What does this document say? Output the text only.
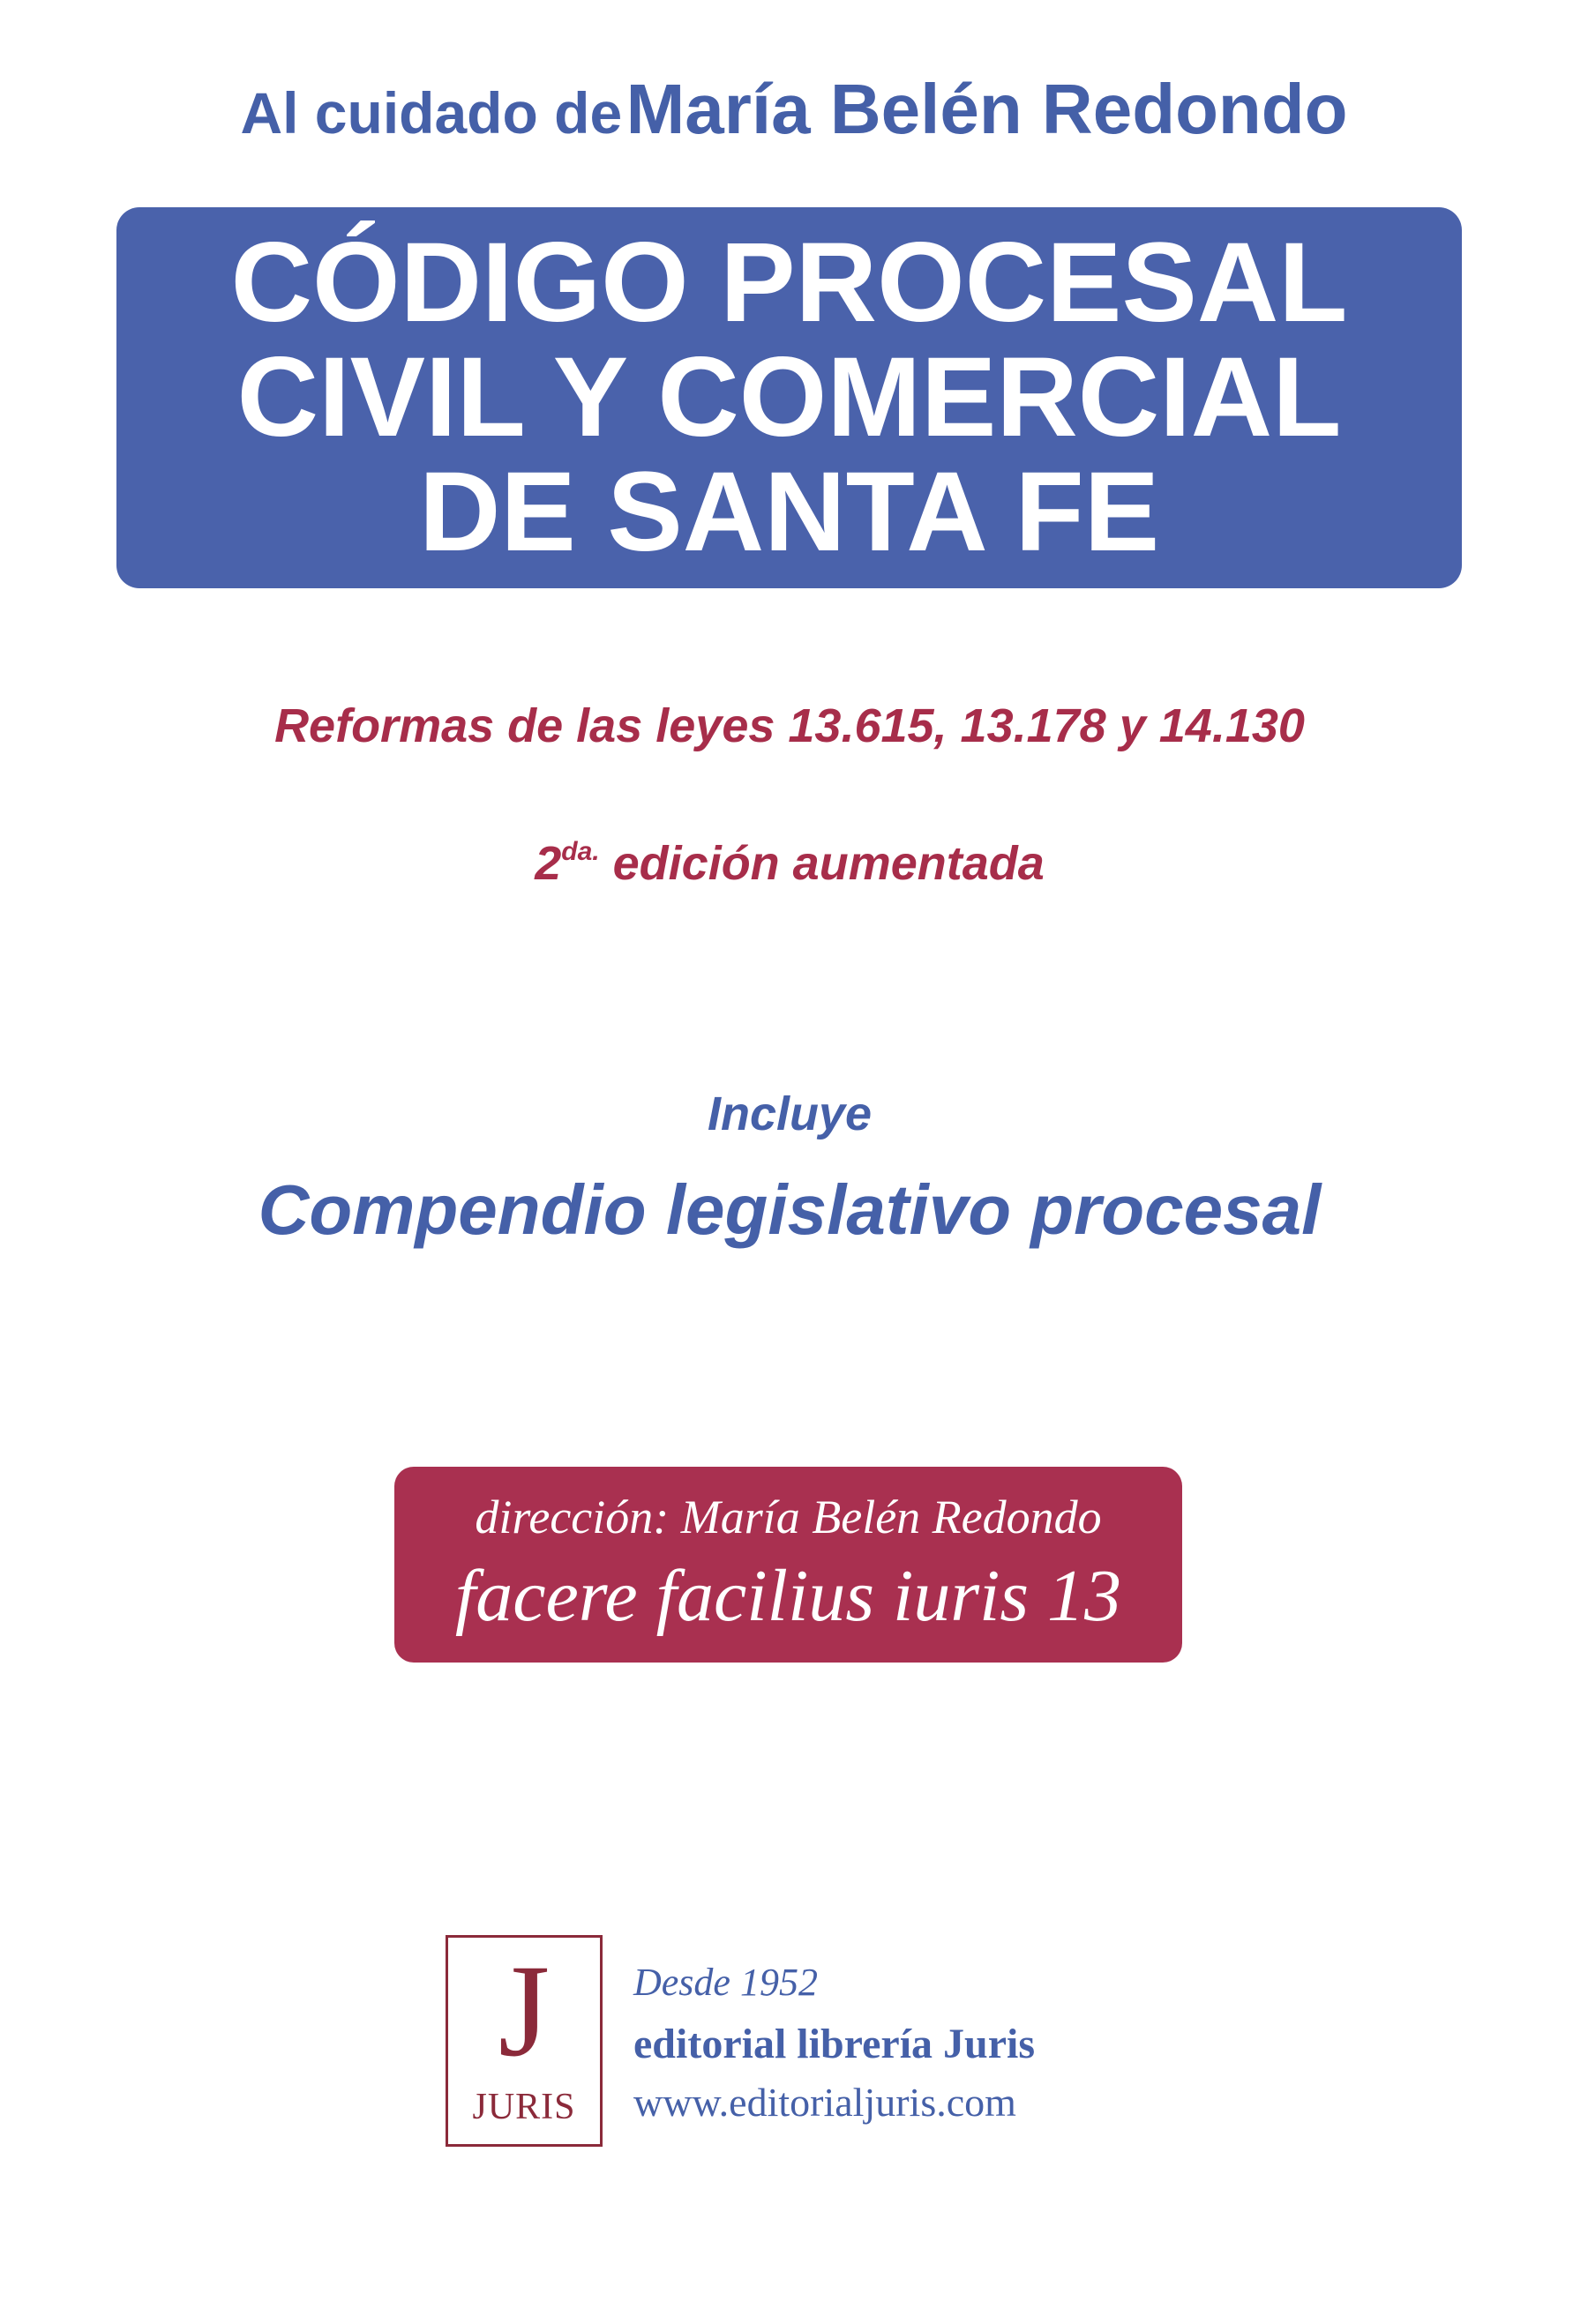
Al cuidado de María Belén Redondo
CÓDIGO PROCESAL
CIVIL Y COMERCIAL
DE SANTA FE
Reformas de las leyes 13.615, 13.178 y 14.130
$2^{da.}$ edición aumentada
Incluye
Compendio legislativo procesal
dirección: María Belén Redondo
facere facilius iuris 13
J
JURIS
Desde 1952
editorial librería Juris
www.editorialjuris.com
